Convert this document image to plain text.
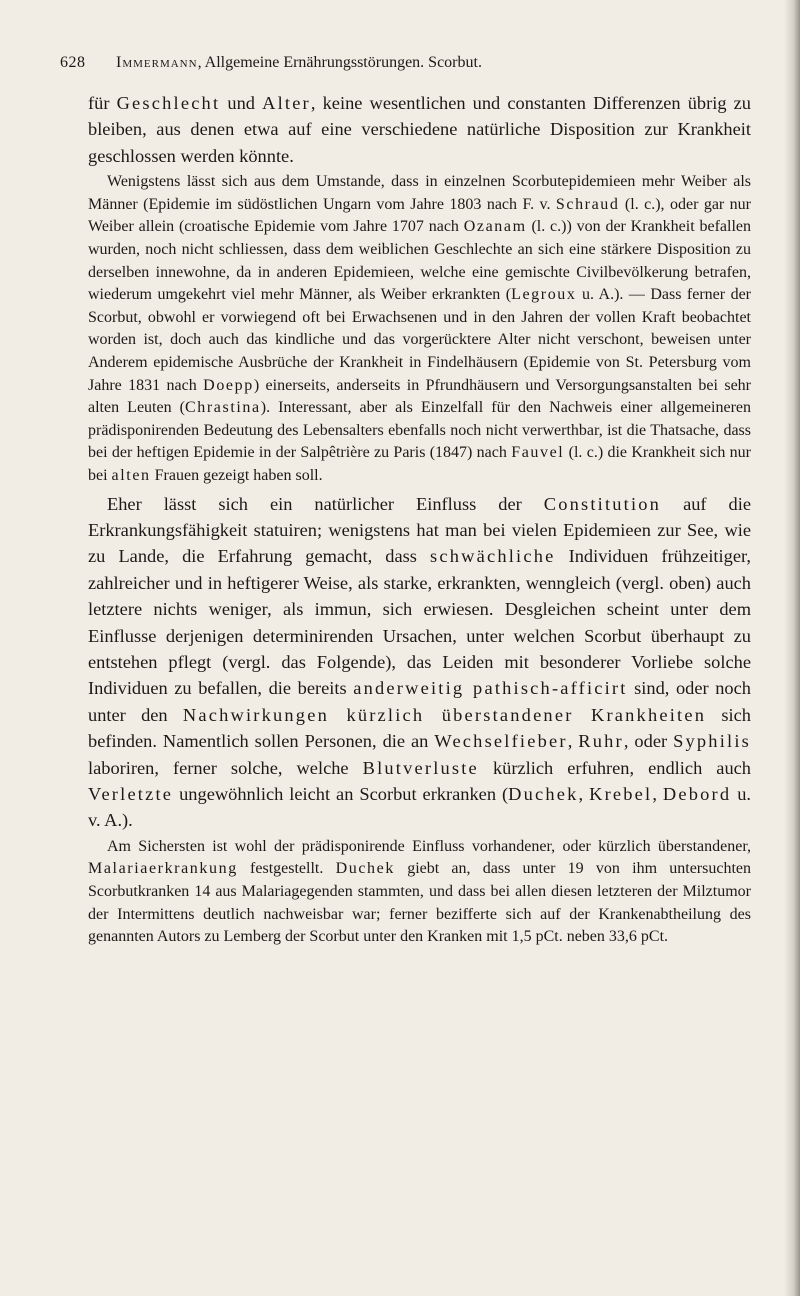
628 Immermann, Allgemeine Ernährungsstörungen. Scorbut.

für Geschlecht und Alter, keine wesentlichen und constanten Differenzen übrig zu bleiben, aus denen etwa auf eine verschiedene natürliche Disposition zur Krankheit geschlossen werden könnte.

Wenigstens lässt sich aus dem Umstande, dass in einzelnen Scorbutepidemieen mehr Weiber als Männer (Epidemie im südöstlichen Ungarn vom Jahre 1803 nach F. v. Schraud (l. c.), oder gar nur Weiber allein (croatische Epidemie vom Jahre 1707 nach Ozanam (l. c.)) von der Krankheit befallen wurden, noch nicht schliessen, dass dem weiblichen Geschlechte an sich eine stärkere Disposition zu derselben innewohne, da in anderen Epidemieen, welche eine gemischte Civilbevölkerung betrafen, wiederum umgekehrt viel mehr Männer, als Weiber erkrankten (Legroux u. A.). — Dass ferner der Scorbut, obwohl er vorwiegend oft bei Erwachsenen und in den Jahren der vollen Kraft beobachtet worden ist, doch auch das kindliche und das vorgerücktere Alter nicht verschont, beweisen unter Anderem epidemische Ausbrüche der Krankheit in Findelhäusern (Epidemie von St. Petersburg vom Jahre 1831 nach Doepp) einerseits, anderseits in Pfrundhäusern und Versorgungsanstalten bei sehr alten Leuten (Chrastina). Interessant, aber als Einzelfall für den Nachweis einer allgemeineren prädisponirenden Bedeutung des Lebensalters ebenfalls noch nicht verwerthbar, ist die Thatsache, dass bei der heftigen Epidemie in der Salpêtrière zu Paris (1847) nach Fauvel (l. c.) die Krankheit sich nur bei alten Frauen gezeigt haben soll.

Eher lässt sich ein natürlicher Einfluss der Constitution auf die Erkrankungsfähigkeit statuiren; wenigstens hat man bei vielen Epidemieen zur See, wie zu Lande, die Erfahrung gemacht, dass schwächliche Individuen frühzeitiger, zahlreicher und in heftigerer Weise, als starke, erkrankten, wenngleich (vergl. oben) auch letztere nichts weniger, als immun, sich erwiesen. Desgleichen scheint unter dem Einflusse derjenigen determinirenden Ursachen, unter welchen Scorbut überhaupt zu entstehen pflegt (vergl. das Folgende), das Leiden mit besonderer Vorliebe solche Individuen zu befallen, die bereits anderweitig pathisch-afficirt sind, oder noch unter den Nachwirkungen kürzlich überstandener Krankheiten sich befinden. Namentlich sollen Personen, die an Wechselfieber, Ruhr, oder Syphilis laboriren, ferner solche, welche Blutverluste kürzlich erfuhren, endlich auch Verletzte ungewöhnlich leicht an Scorbut erkranken (Duchek, Krebel, Debord u. v. A.).

Am Sichersten ist wohl der prädisponirende Einfluss vorhandener, oder kürzlich überstandener, Malariaerkrankung festgestellt. Duchek giebt an, dass unter 19 von ihm untersuchten Scorbutkranken 14 aus Malariagegenden stammten, und dass bei allen diesen letzteren der Milztumor der Intermittens deutlich nachweisbar war; ferner bezifferte sich auf der Krankenabtheilung des genannten Autors zu Lemberg der Scorbut unter den Kranken mit 1,5 pCt. neben 33,6 pCt.
